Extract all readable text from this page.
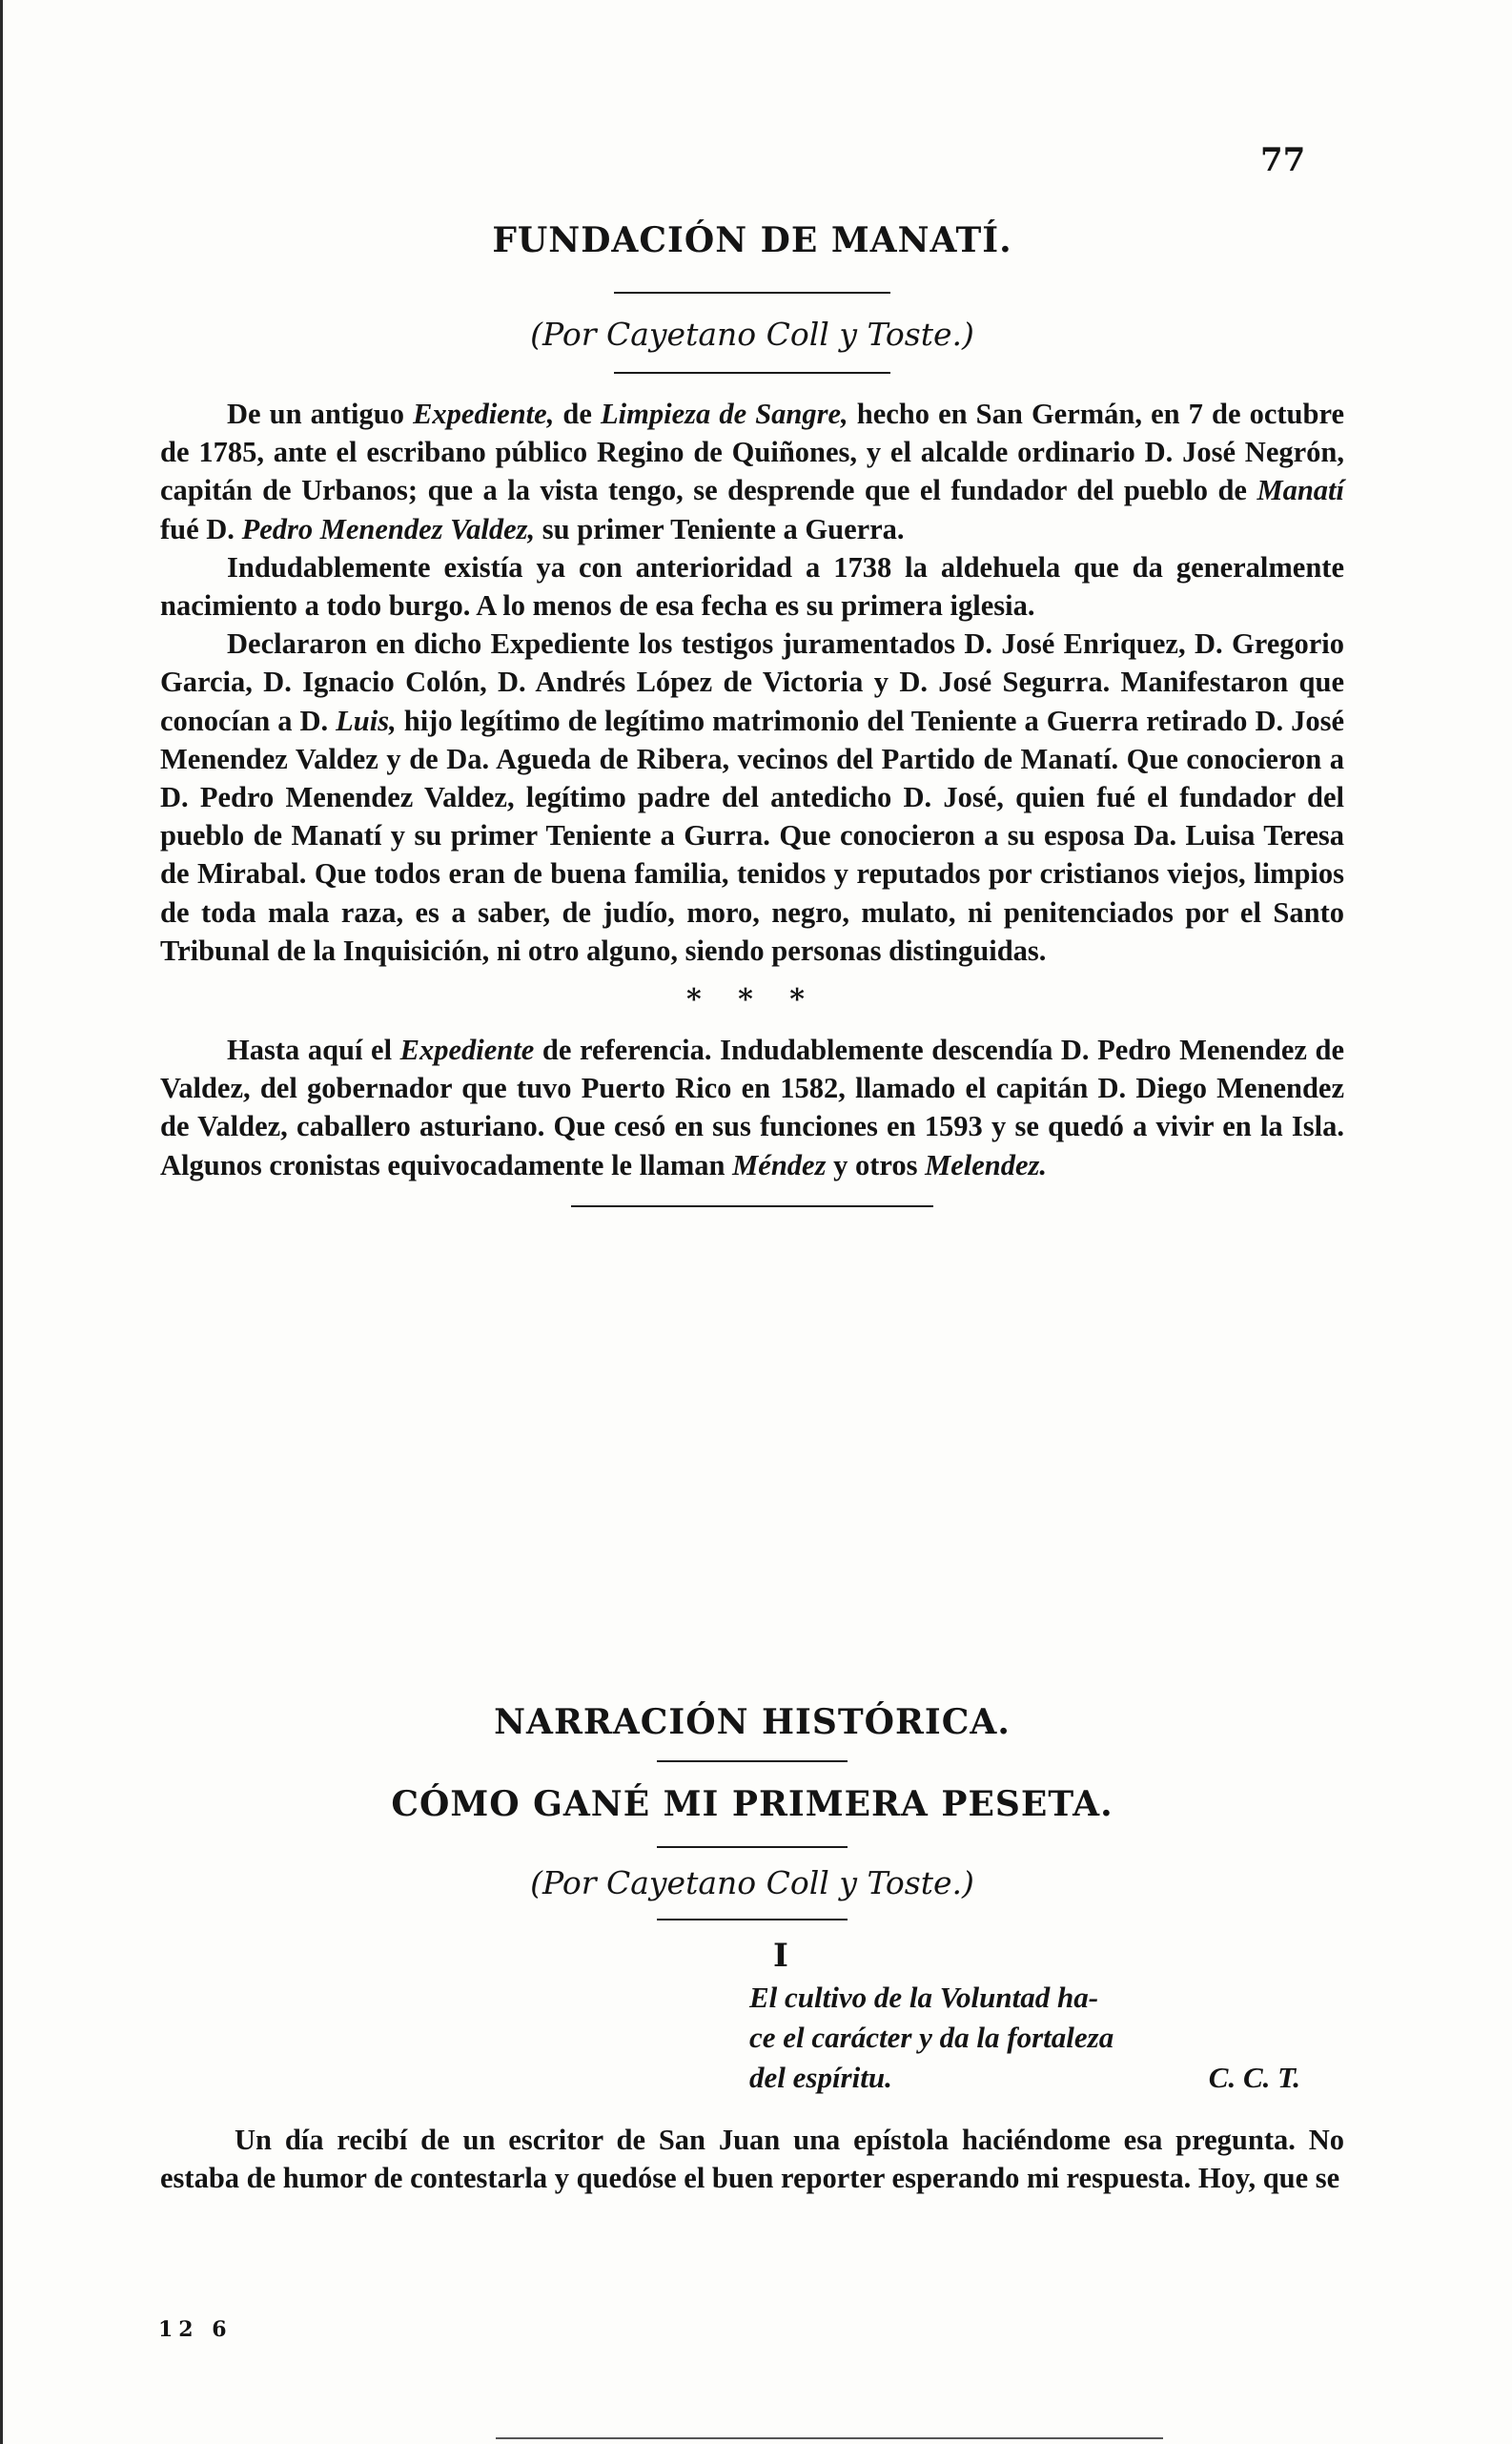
77
FUNDACIÓN DE MANATÍ.
(Por Cayetano Coll y Toste.)

De un antiguo Expediente, de Limpieza de Sangre, hecho en San Germán, en 7 de octubre de 1785, ante el escribano público Regino de Quiñones, y el alcalde ordinario D. José Negrón, capitán de Urbanos; que a la vista tengo, se desprende que el fundador del pueblo de Manatí fué D. Pedro Menendez Valdez, su primer Teniente a Guerra.

Indudablemente existía ya con anterioridad a 1738 la aldehuela que da generalmente nacimiento a todo burgo. A lo menos de esa fecha es su primera iglesia.

Declararon en dicho Expediente los testigos juramentados D. José Enriquez, D. Gregorio Garcia, D. Ignacio Colón, D. Andrés López de Victoria y D. José Segurra. Manifestaron que conocían a D. Luis, hijo legítimo de legítimo matrimonio del Teniente a Guerra retirado D. José Menendez Valdez y de Da. Agueda de Ribera, vecinos del Partido de Manatí. Que conocieron a D. Pedro Menendez Valdez, legítimo padre del antedicho D. José, quien fué el fundador del pueblo de Manatí y su primer Teniente a Gurra. Que conocieron a su esposa Da. Luisa Teresa de Mirabal. Que todos eran de buena familia, tenidos y reputados por cristianos viejos, limpios de toda mala raza, es a saber, de judío, moro, negro, mulato, ni penitenciados por el Santo Tribunal de la Inquisición, ni otro alguno, siendo personas distinguidas.

* * *

Hasta aquí el Expediente de referencia. Indudablemente descendía D. Pedro Menendez de Valdez, del gobernador que tuvo Puerto Rico en 1582, llamado el capitán D. Diego Menendez de Valdez, caballero asturiano. Que cesó en sus funciones en 1593 y se quedó a vivir en la Isla. Algunos cronistas equivocadamente le llaman Méndez y otros Melendez.

NARRACIÓN HISTÓRICA.
CÓMO GANÉ MI PRIMERA PESETA.
(Por Cayetano Coll y Toste.)
I
El cultivo de la Voluntad ha-
ce el carácter y da la fortaleza
del espíritu.	C. C. T.

Un día recibí de un escritor de San Juan una epístola haciéndome esa pregunta. No estaba de humor de contestarla y quedóse el buen reporter esperando mi respuesta. Hoy, que se

12 6
